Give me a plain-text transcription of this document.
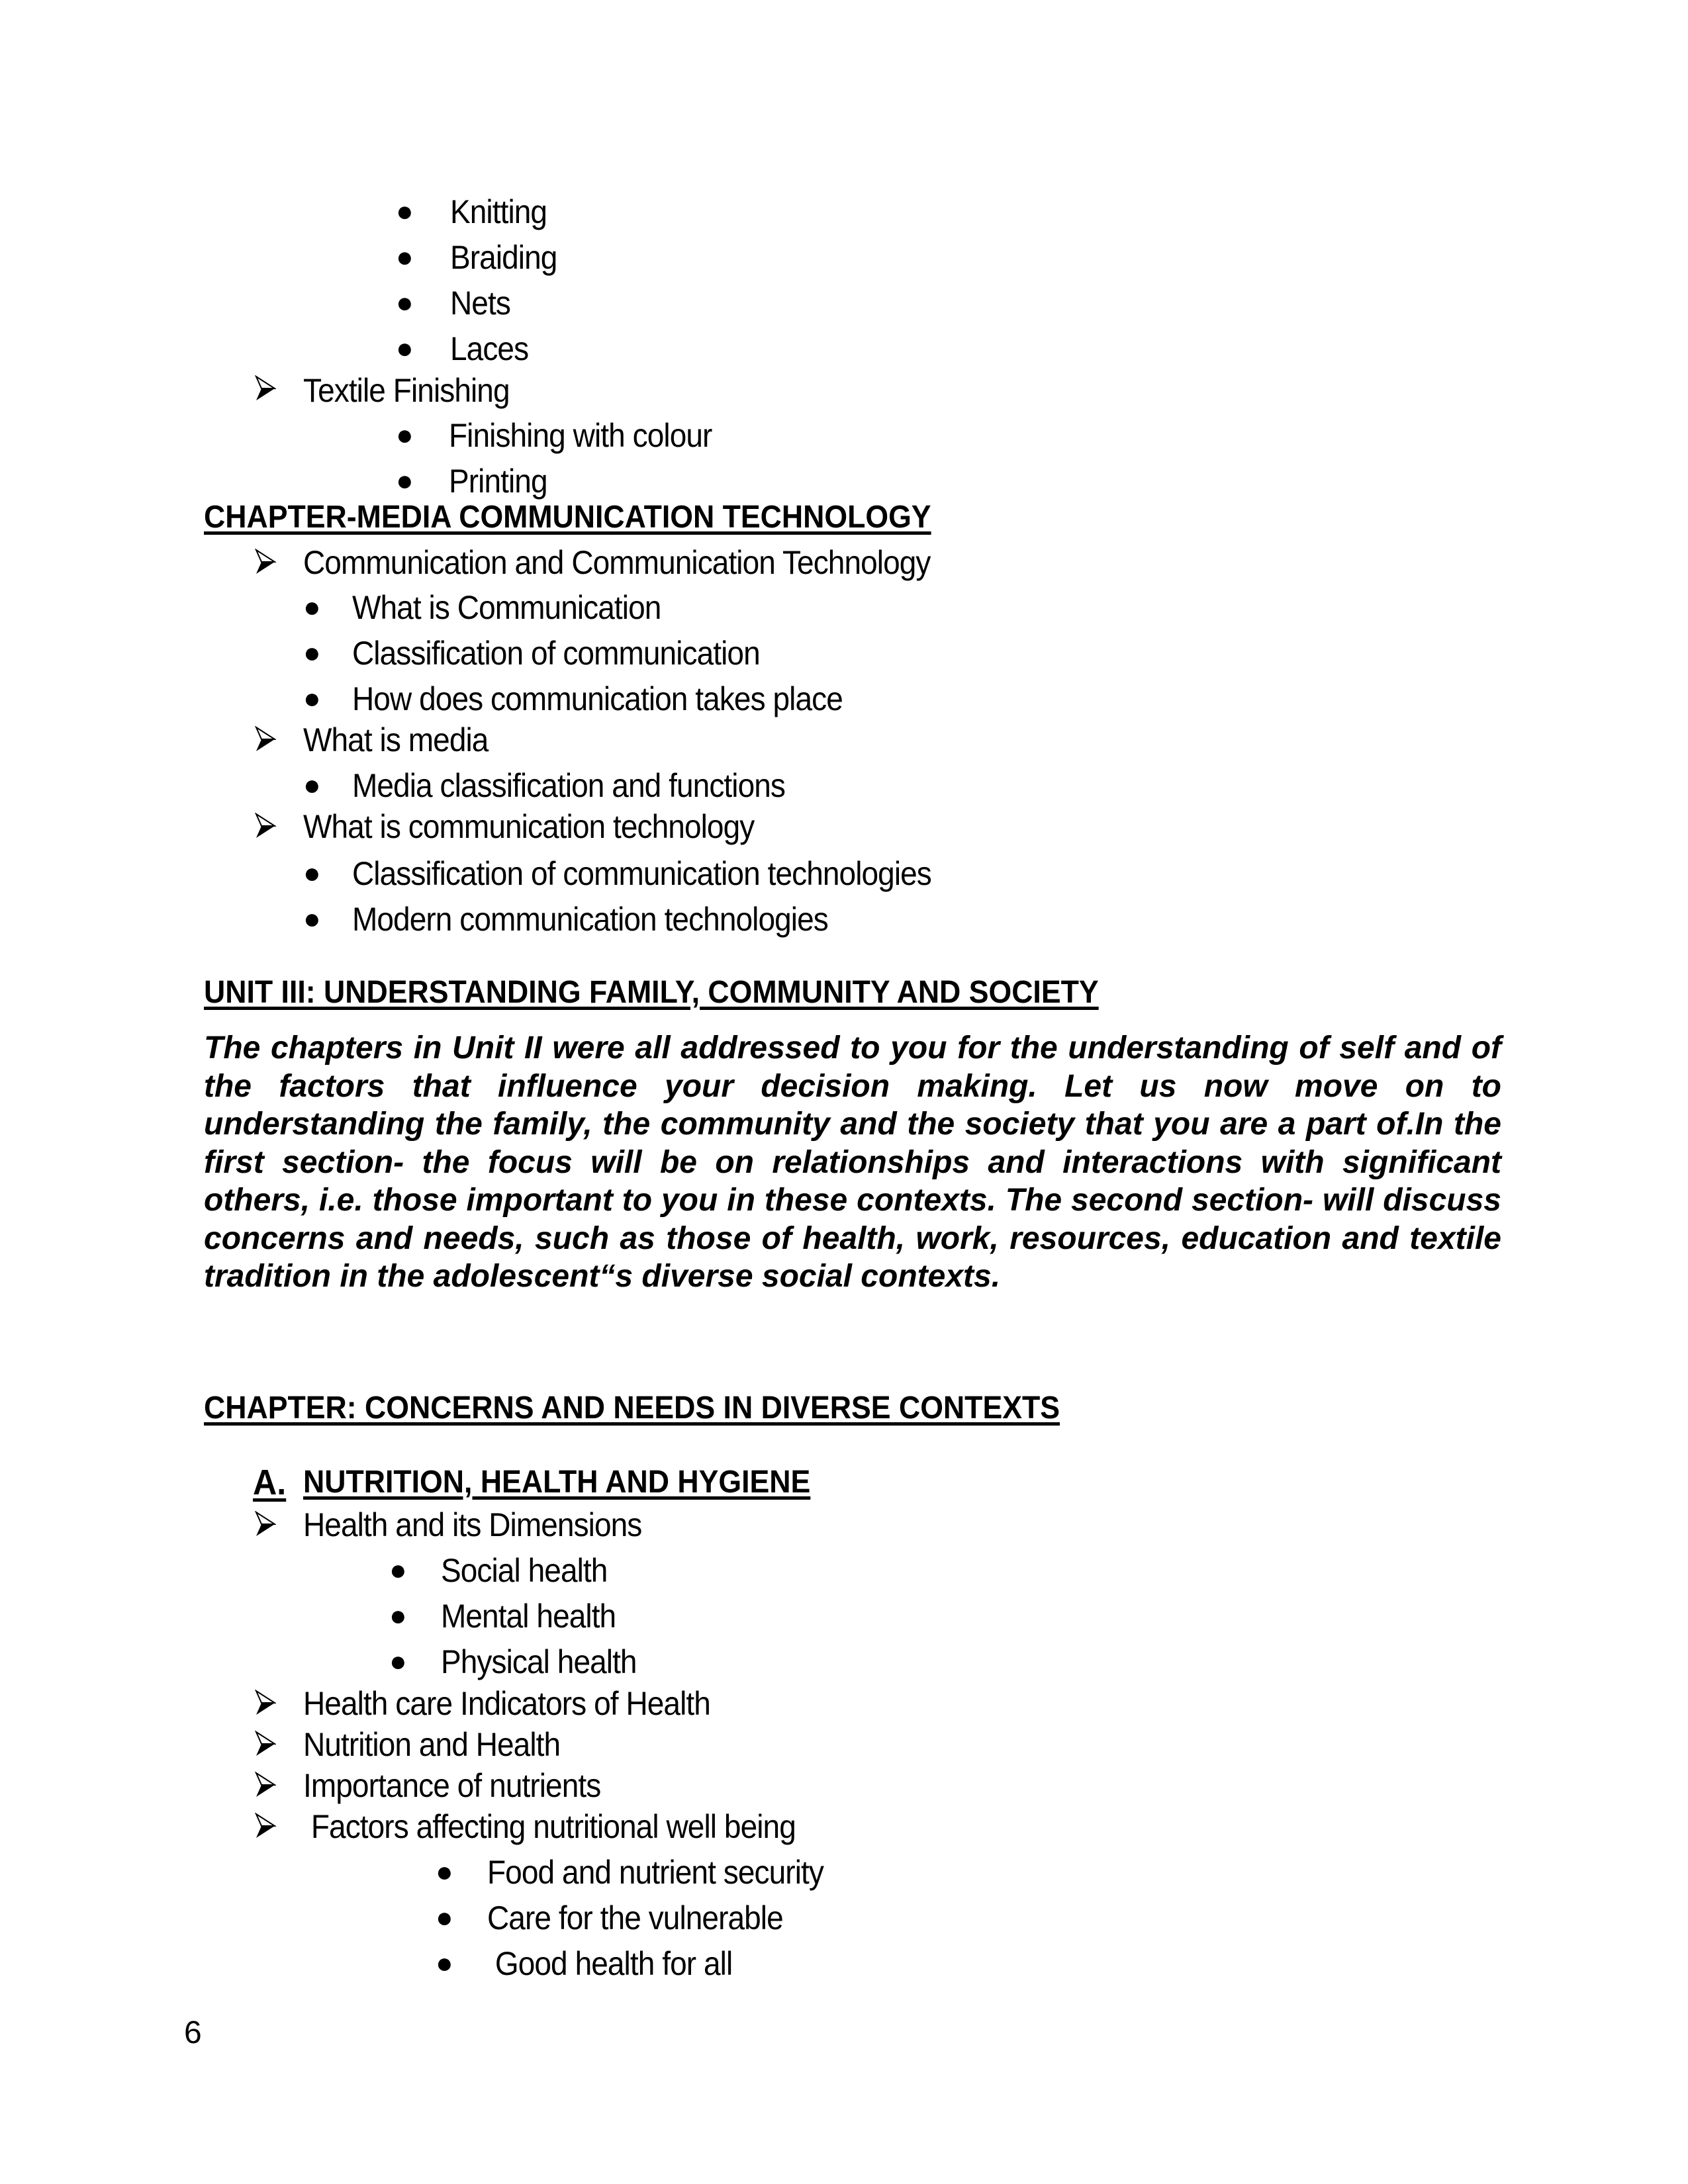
● Knitting
● Braiding
● Nets
● Laces
Textile Finishing
● Finishing with colour
● Printing
CHAPTER-MEDIA COMMUNICATION TECHNOLOGY
Communication and Communication Technology
● What is Communication
● Classification of communication
● How does communication takes place
What is media
● Media classification and functions
What is communication technology
● Classification of communication technologies
● Modern communication technologies
UNIT III: UNDERSTANDING FAMILY, COMMUNITY AND SOCIETY

The chapters in Unit II were all addressed to you for the understanding of self and of the factors that influence your decision making. Let us now move on to understanding the family, the community and the society that you are a part of.In the first section- the focus will be on relationships and interactions with significant others, i.e. those important to you in these contexts. The second section- will discuss concerns and needs, such as those of health, work, resources, education and textile tradition in the adolescent“s diverse social contexts.

CHAPTER: CONCERNS AND NEEDS IN DIVERSE CONTEXTS
A. NUTRITION, HEALTH AND HYGIENE
Health and its Dimensions
● Social health
● Mental health
● Physical health
Health care Indicators of Health
Nutrition and Health
Importance of nutrients
Factors affecting nutritional well being
● Food and nutrient security
● Care for the vulnerable
● Good health for all
6
